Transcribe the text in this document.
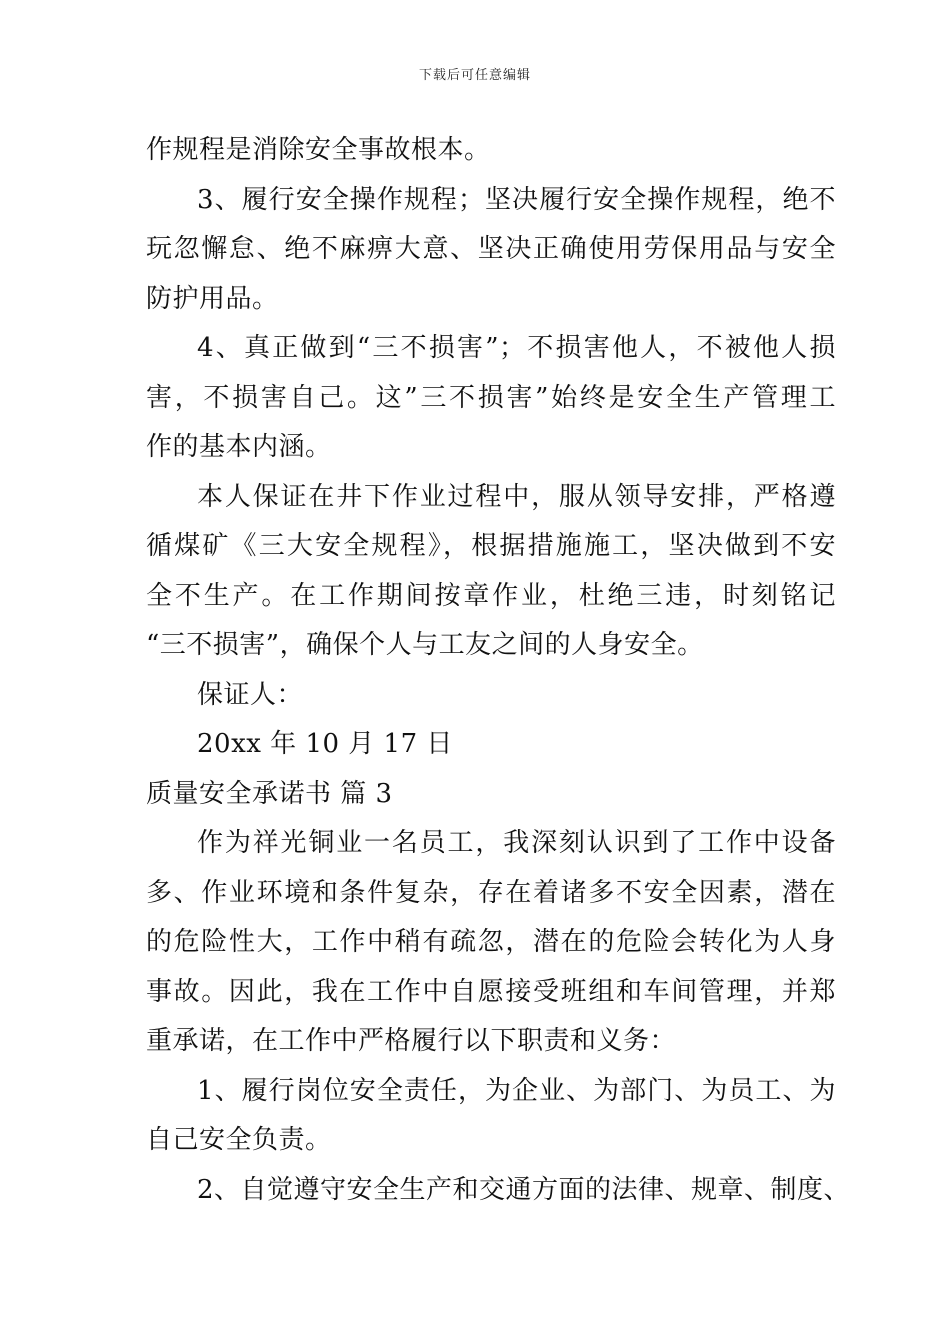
下载后可任意编辑
作规程是消除安全事故根本。
3、履行安全操作规程；坚决履行安全操作规程，绝不
玩忽懈怠、绝不麻痹大意、坚决正确使用劳保用品与安全
防护用品。
4、真正做到“三不损害”；不损害他人，不被他人损
害，不损害自己。这”三不损害”始终是安全生产管理工
作的基本内涵。
本人保证在井下作业过程中，服从领导安排，严格遵
循煤矿《三大安全规程》，根据措施施工，坚决做到不安
全不生产。在工作期间按章作业，杜绝三违，时刻铭记
“三不损害”，确保个人与工友之间的人身安全。
保证人：
20xx 年 10 月 17 日
质量安全承诺书 篇 3
作为祥光铜业一名员工，我深刻认识到了工作中设备
多、作业环境和条件复杂，存在着诸多不安全因素，潜在
的危险性大，工作中稍有疏忽，潜在的危险会转化为人身
事故。因此，我在工作中自愿接受班组和车间管理，并郑
重承诺，在工作中严格履行以下职责和义务：
1、履行岗位安全责任，为企业、为部门、为员工、为
自己安全负责。
2、自觉遵守安全生产和交通方面的法律、规章、制度、
